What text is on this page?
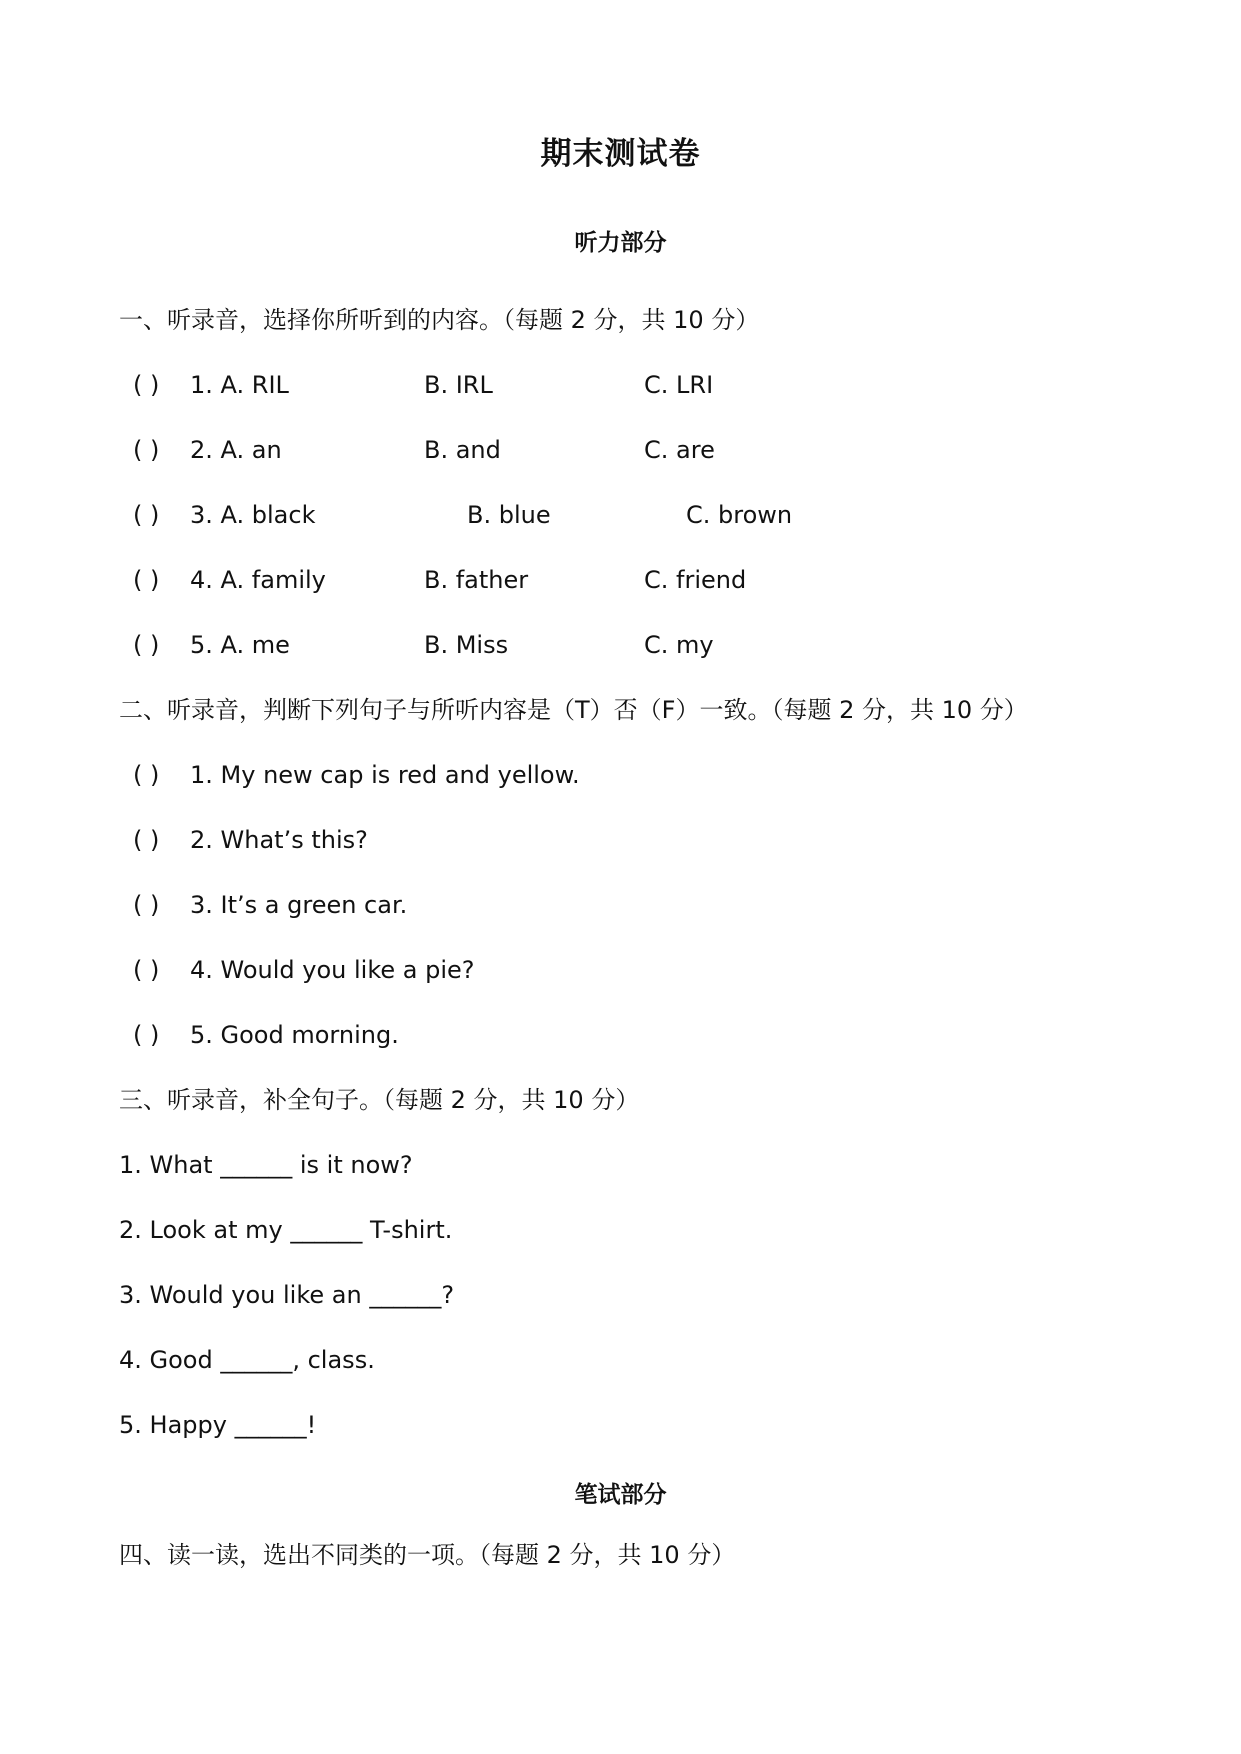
期末测试卷
听力部分
一、听录音，选择你所听到的内容。（每题 2 分，共 10 分）
( ) 1. A. RIL	B. IRL	C. LRI
( ) 2. A. an	B. and	C. are
( ) 3. A. black	B. blue	C. brown
( ) 4. A. family	B. father	C. friend
( ) 5. A. me	B. Miss	C. my
二、听录音，判断下列句子与所听内容是（T）否（F）一致。（每题 2 分，共 10 分）
( ) 1. My new cap is red and yellow.
( ) 2. What’s this?
( ) 3. It’s a green car.
( ) 4. Would you like a pie?
( ) 5. Good morning.
三、听录音，补全句子。（每题 2 分，共 10 分）
1. What ______ is it now?
2. Look at my ______ T-shirt.
3. Would you like an ______?
4. Good ______, class.
5. Happy ______!
笔试部分
四、读一读，选出不同类的一项。（每题 2 分，共 10 分）
